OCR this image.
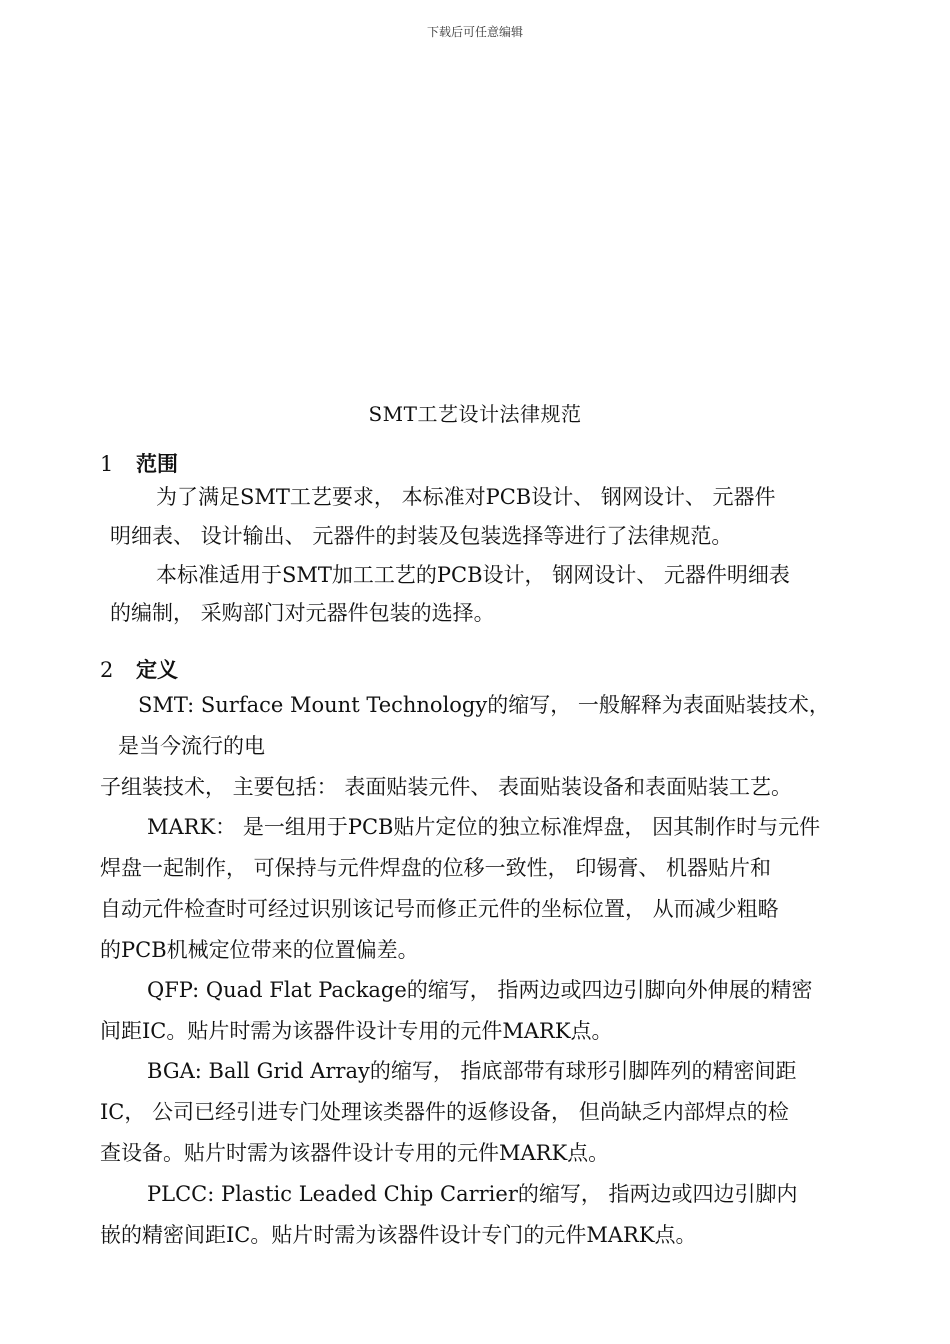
下载后可任意编辑
SMT工艺设计法律规范
1 范围
为了满足SMT工艺要求， 本标准对PCB设计、 钢网设计、 元器件
明细表、 设计输出、 元器件的封装及包装选择等进行了法律规范。
本标准适用于SMT加工工艺的PCB设计， 钢网设计、 元器件明细表
的编制， 采购部门对元器件包装的选择。
2 定义
SMT: Surface Mount Technology的缩写， 一般解释为表面贴装技术，
是当今流行的电
子组装技术， 主要包括： 表面贴装元件、 表面贴装设备和表面贴装工艺。
MARK： 是一组用于PCB贴片定位的独立标准焊盘， 因其制作时与元件
焊盘一起制作， 可保持与元件焊盘的位移一致性， 印锡膏、 机器贴片和
自动元件检查时可经过识别该记号而修正元件的坐标位置， 从而减少粗略
的PCB机械定位带来的位置偏差。
QFP: Quad Flat Package的缩写， 指两边或四边引脚向外伸展的精密
间距IC。贴片时需为该器件设计专用的元件MARK点。
BGA: Ball Grid Array的缩写， 指底部带有球形引脚阵列的精密间距
IC， 公司已经引进专门处理该类器件的返修设备， 但尚缺乏内部焊点的检
查设备。贴片时需为该器件设计专用的元件MARK点。
PLCC: Plastic Leaded Chip Carrier的缩写， 指两边或四边引脚内
嵌的精密间距IC。贴片时需为该器件设计专门的元件MARK点。
